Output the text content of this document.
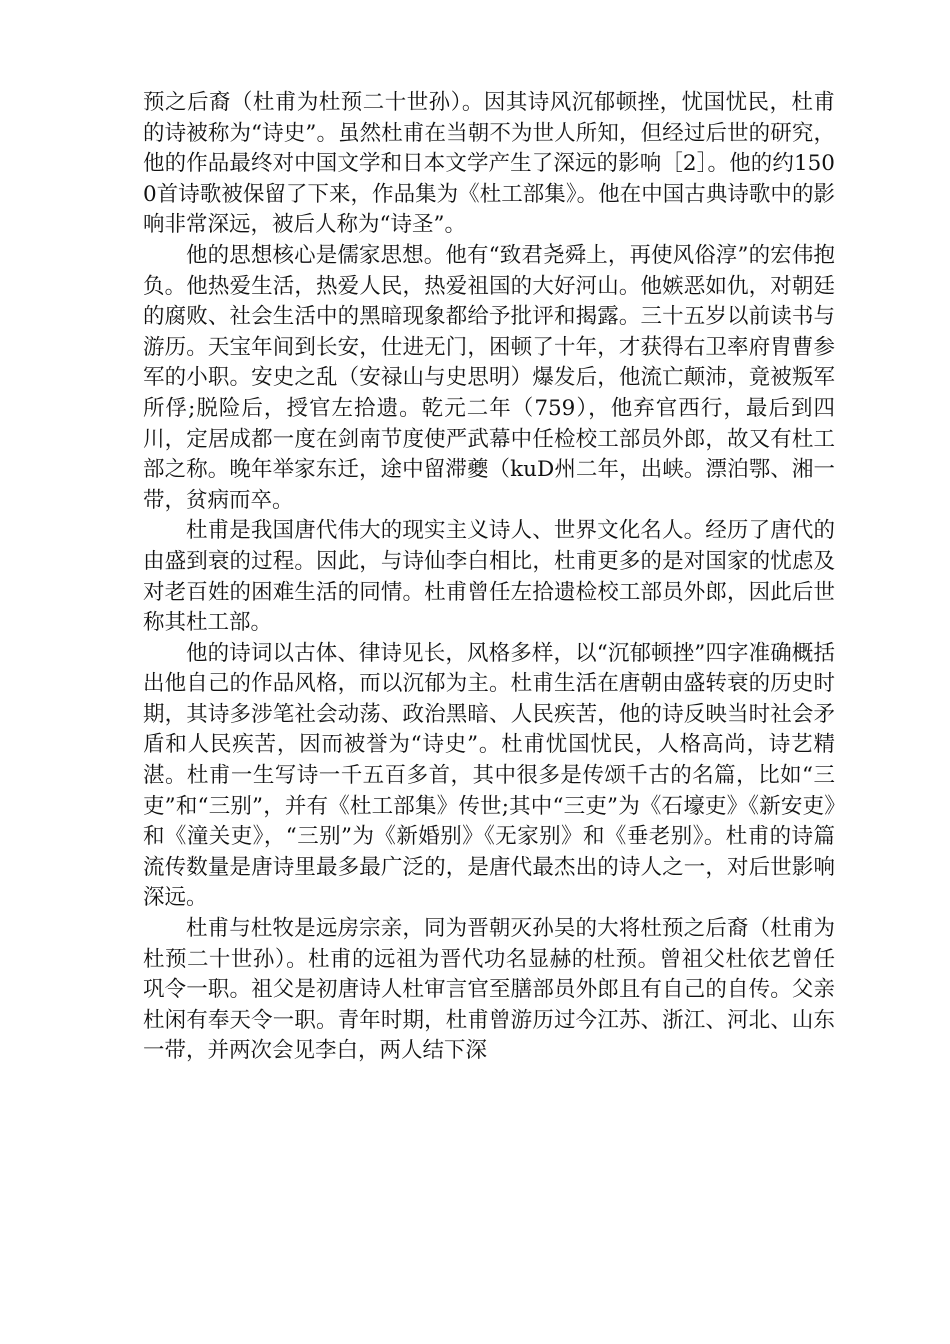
预之后裔（杜甫为杜预二十世孙）。因其诗风沉郁顿挫，忧国忧民，杜甫的诗被称为“诗史”。虽然杜甫在当朝不为世人所知，但经过后世的研究，他的作品最终对中国文学和日本文学产生了深远的影响［2］。他的约1500首诗歌被保留了下来，作品集为《杜工部集》。他在中国古典诗歌中的影响非常深远，被后人称为“诗圣”。

他的思想核心是儒家思想。他有“致君尧舜上，再使风俗淳”的宏伟抱负。他热爱生活，热爱人民，热爱祖国的大好河山。他嫉恶如仇，对朝廷的腐败、社会生活中的黑暗现象都给予批评和揭露。三十五岁以前读书与游历。天宝年间到长安，仕进无门，困顿了十年，才获得右卫率府胄曹参军的小职。安史之乱（安禄山与史思明）爆发后，他流亡颠沛，竟被叛军所俘;脱险后，授官左拾遗。乾元二年（759），他弃官西行，最后到四川，定居成都一度在剑南节度使严武幕中任检校工部员外郎，故又有杜工部之称。晚年举家东迁，途中留滞夔（kuD州二年，出峡。漂泊鄂、湘一带，贫病而卒。

杜甫是我国唐代伟大的现实主义诗人、世界文化名人。经历了唐代的由盛到衰的过程。因此，与诗仙李白相比，杜甫更多的是对国家的忧虑及对老百姓的困难生活的同情。杜甫曾任左拾遗检校工部员外郎，因此后世称其杜工部。

他的诗词以古体、律诗见长，风格多样，以“沉郁顿挫”四字准确概括出他自己的作品风格，而以沉郁为主。杜甫生活在唐朝由盛转衰的历史时期，其诗多涉笔社会动荡、政治黑暗、人民疾苦，他的诗反映当时社会矛盾和人民疾苦，因而被誉为“诗史”。杜甫忧国忧民，人格高尚，诗艺精湛。杜甫一生写诗一千五百多首，其中很多是传颂千古的名篇，比如“三吏”和“三别”，并有《杜工部集》传世;其中“三吏”为《石壕吏》《新安吏》和《潼关吏》，“三别”为《新婚别》《无家别》和《垂老别》。杜甫的诗篇流传数量是唐诗里最多最广泛的，是唐代最杰出的诗人之一，对后世影响深远。

杜甫与杜牧是远房宗亲，同为晋朝灭孙吴的大将杜预之后裔（杜甫为杜预二十世孙）。杜甫的远祖为晋代功名显赫的杜预。曾祖父杜依艺曾任巩令一职。祖父是初唐诗人杜审言官至膳部员外郎且有自己的自传。父亲杜闲有奉天令一职。青年时期，杜甫曾游历过今江苏、浙江、河北、山东一带，并两次会见李白，两人结下深
